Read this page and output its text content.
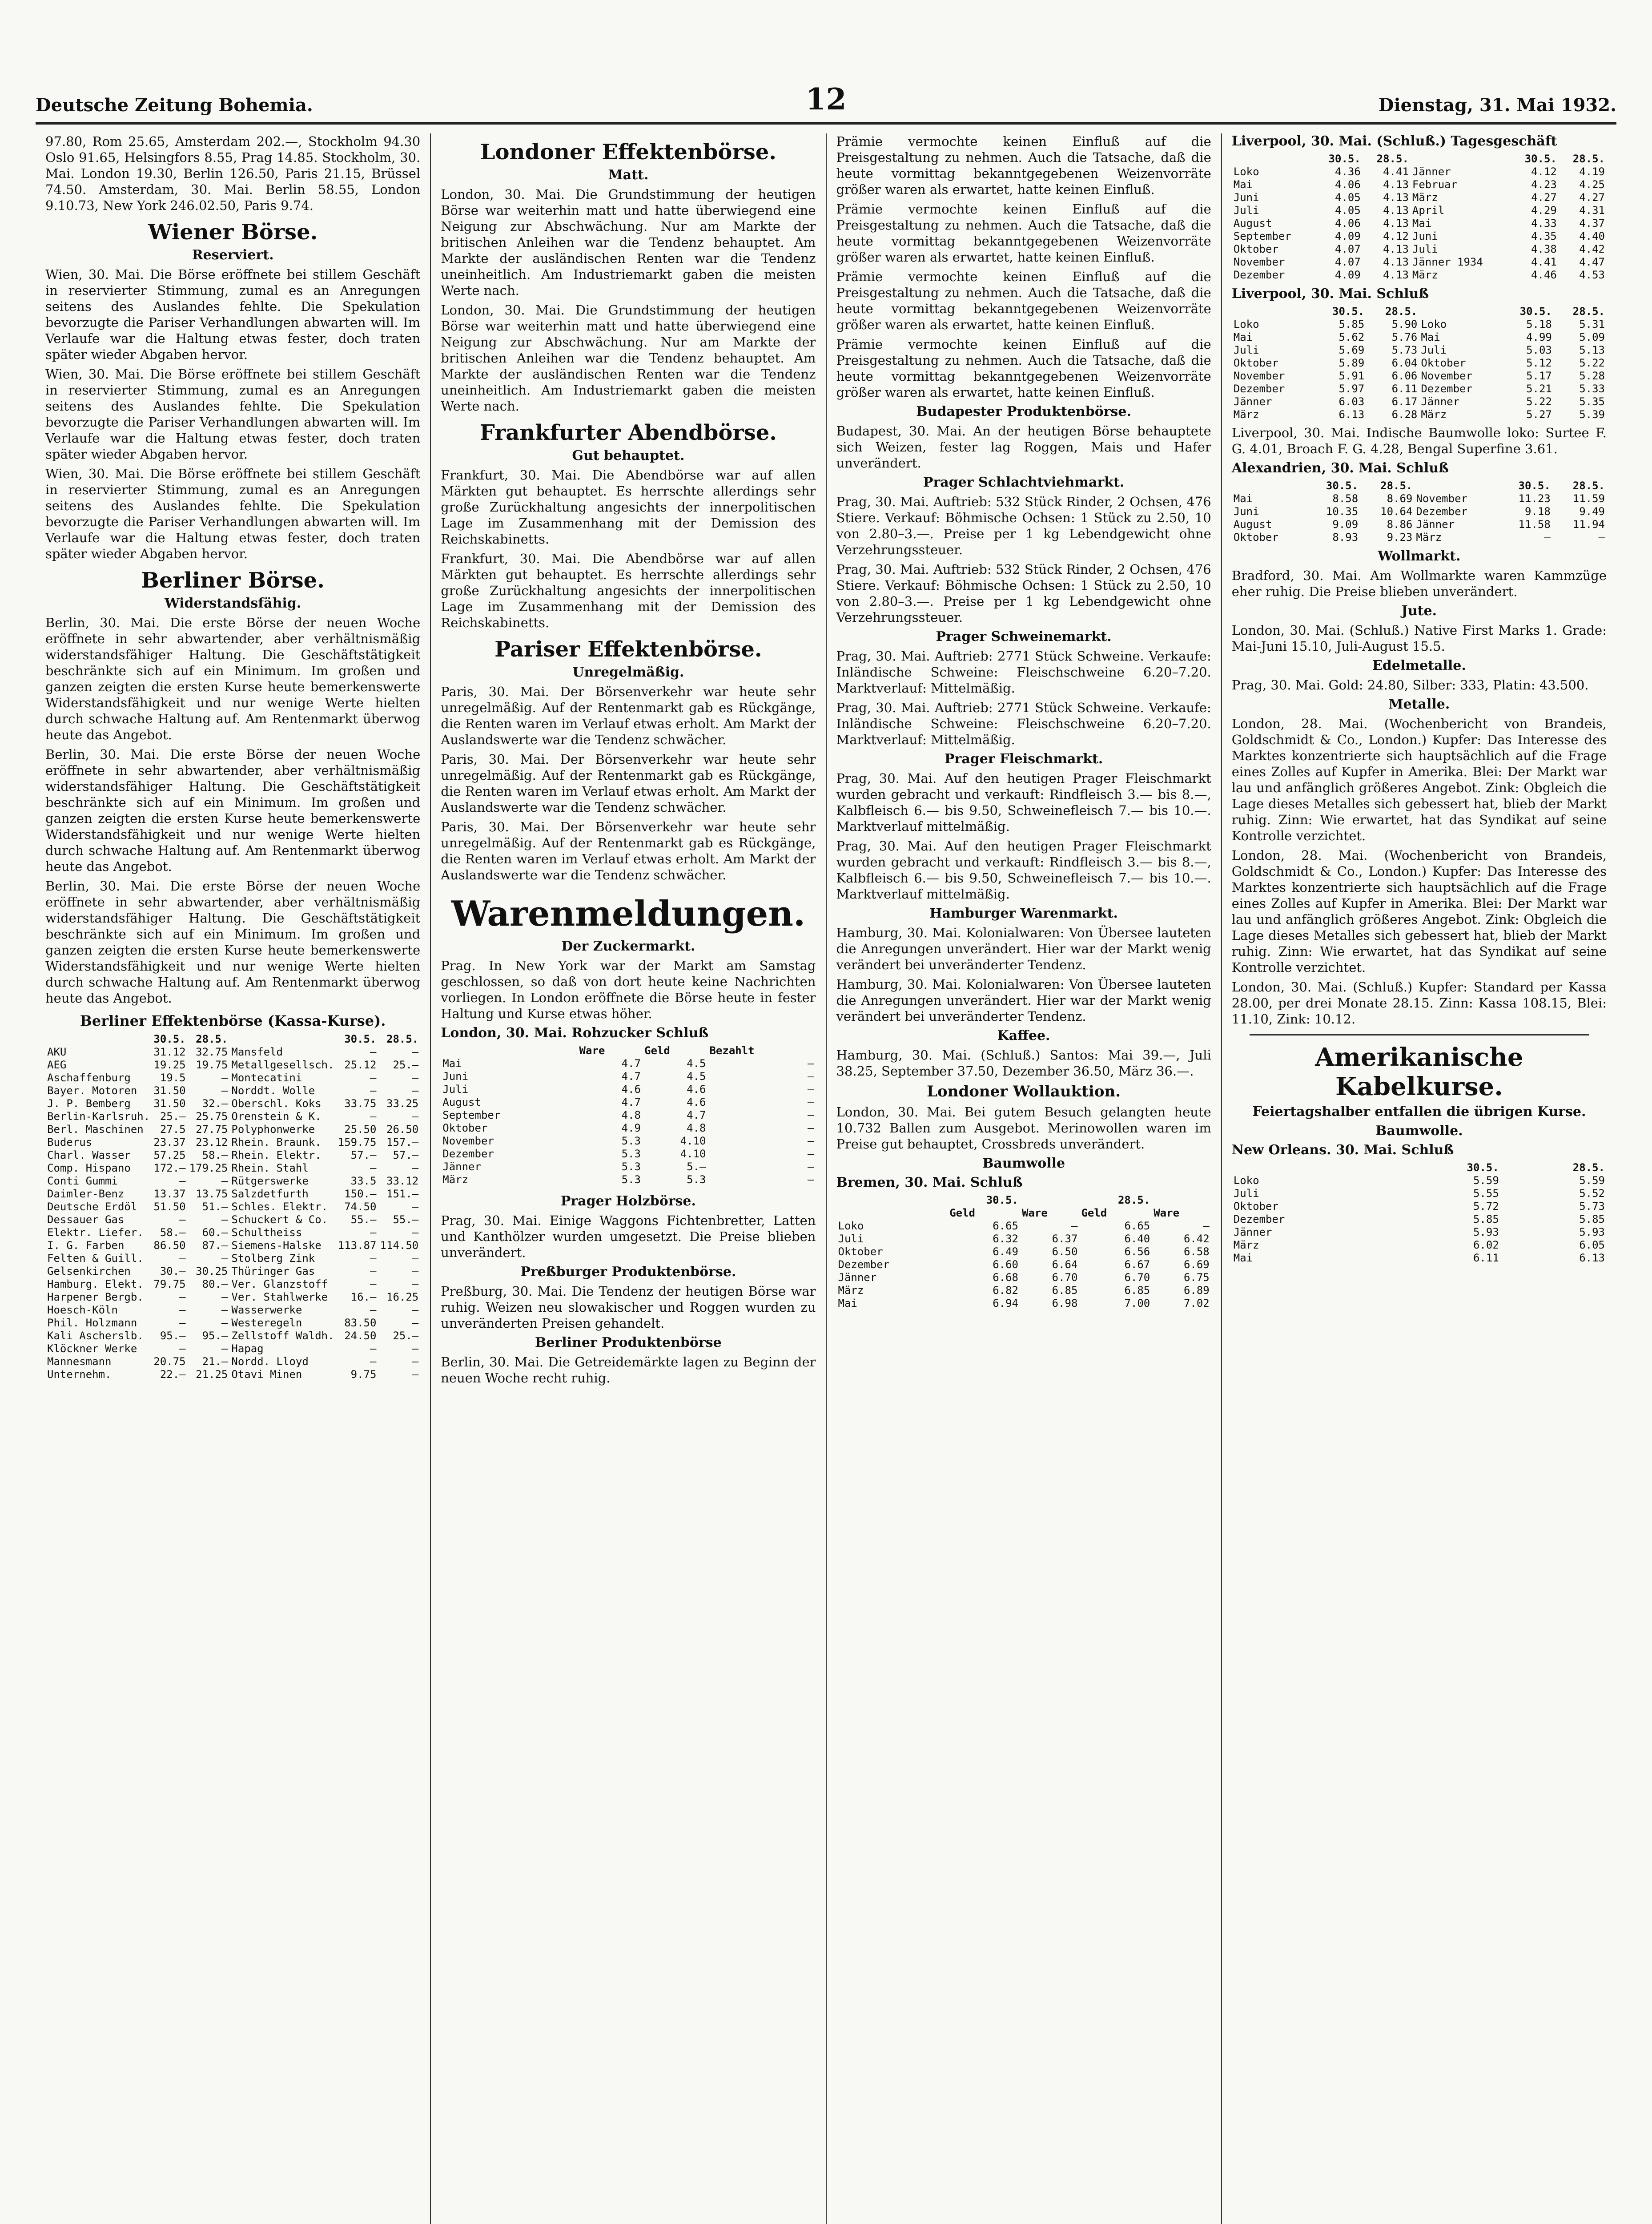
Deutsche Zeitung Bohemia.	12	Dienstag, 31. Mai 1932.

97.80, Rom 25.65, Amsterdam 202.—, Stockholm 94.30 Oslo 91.65, Helsingfors 8.55, Prag 14.85. Stockholm, 30. Mai. London 19.30, Berlin 126.50, Paris 21.15, Brüssel 74.50. Amsterdam, 30. Mai. Berlin 58.55, London 9.10.73, New York 246.02.50, Paris 9.74.

Wiener Börse.
Reserviert.

Wien, 30. Mai. Die Börse eröffnete bei stillem Geschäft in reservierter Stimmung, zumal es an Anregungen seitens des Auslandes fehlte. Die Spekulation bevorzugte die Pariser Verhandlungen abwarten will. Im Verlaufe war die Haltung etwas fester, doch traten später wieder Abgaben hervor.

Wien, 30. Mai. Die Börse eröffnete bei stillem Geschäft in reservierter Stimmung, zumal es an Anregungen seitens des Auslandes fehlte. Die Spekulation bevorzugte die Pariser Verhandlungen abwarten will. Im Verlaufe war die Haltung etwas fester, doch traten später wieder Abgaben hervor.

Wien, 30. Mai. Die Börse eröffnete bei stillem Geschäft in reservierter Stimmung, zumal es an Anregungen seitens des Auslandes fehlte. Die Spekulation bevorzugte die Pariser Verhandlungen abwarten will. Im Verlaufe war die Haltung etwas fester, doch traten später wieder Abgaben hervor.

Berliner Börse.
Widerstandsfähig.

Berlin, 30. Mai. Die erste Börse der neuen Woche eröffnete in sehr abwartender, aber verhältnismäßig widerstandsfähiger Haltung. Die Geschäftstätigkeit beschränkte sich auf ein Minimum. Im großen und ganzen zeigten die ersten Kurse heute bemerkenswerte Widerstandsfähigkeit und nur wenige Werte hielten durch schwache Haltung auf. Am Rentenmarkt überwog heute das Angebot.

Berlin, 30. Mai. Die erste Börse der neuen Woche eröffnete in sehr abwartender, aber verhältnismäßig widerstandsfähiger Haltung. Die Geschäftstätigkeit beschränkte sich auf ein Minimum. Im großen und ganzen zeigten die ersten Kurse heute bemerkenswerte Widerstandsfähigkeit und nur wenige Werte hielten durch schwache Haltung auf. Am Rentenmarkt überwog heute das Angebot.

Berlin, 30. Mai. Die erste Börse der neuen Woche eröffnete in sehr abwartender, aber verhältnismäßig widerstandsfähiger Haltung. Die Geschäftstätigkeit beschränkte sich auf ein Minimum. Im großen und ganzen zeigten die ersten Kurse heute bemerkenswerte Widerstandsfähigkeit und nur wenige Werte hielten durch schwache Haltung auf. Am Rentenmarkt überwog heute das Angebot.

Berliner Effektenbörse (Kassa-Kurse).
	30.5.	28.5.		30.5.	28.5.
AKU	31.12	32.75	Mansfeld	—	—
AEG	19.25	19.75	Metallgesellsch.	25.12	25.—
Aschaffenburg	19.5	—	Montecatini	—	—
Bayer. Motoren	31.50	—	Norddt. Wolle	—	—
J. P. Bemberg	31.50	32.—	Oberschl. Koks	33.75	33.25
Berlin-Karlsruh.	25.—	25.75	Orenstein & K.	—	—
Berl. Maschinen	27.5	27.75	Polyphonwerke	25.50	26.50
Buderus	23.37	23.12	Rhein. Braunk.	159.75	157.—
Charl. Wasser	57.25	58.—	Rhein. Elektr.	57.—	57.—
Comp. Hispano	172.—	179.25	Rhein. Stahl	—	—
Conti Gummi	—	—	Rütgerswerke	33.5	33.12
Daimler-Benz	13.37	13.75	Salzdetfurth	150.—	151.—
Deutsche Erdöl	51.50	51.—	Schles. Elektr.	74.50	—
Dessauer Gas	—	—	Schuckert & Co.	55.—	55.—
Elektr. Liefer.	58.—	60.—	Schultheiss	—	—
I. G. Farben	86.50	87.—	Siemens-Halske	113.87	114.50
Felten & Guill.	—	—	Stolberg Zink	—	—
Gelsenkirchen	30.—	30.25	Thüringer Gas	—	—
Hamburg. Elekt.	79.75	80.—	Ver. Glanzstoff	—	—
Harpener Bergb.	—	—	Ver. Stahlwerke	16.—	16.25
Hoesch-Köln	—	—	Wasserwerke	—	—
Phil. Holzmann	—	—	Westeregeln	83.50	—
Kali Ascherslb.	95.—	95.—	Zellstoff Waldh.	24.50	25.—
Klöckner Werke	—	—	Hapag	—	—
Mannesmann	20.75	21.—	Nordd. Lloyd	—	—
Unternehm.	22.—	21.25	Otavi Minen	9.75	—
Londoner Effektenbörse.
Matt.

London, 30. Mai. Die Grundstimmung der heutigen Börse war weiterhin matt und hatte überwiegend eine Neigung zur Abschwächung. Nur am Markte der britischen Anleihen war die Tendenz behauptet. Am Markte der ausländischen Renten war die Tendenz uneinheitlich. Am Industriemarkt gaben die meisten Werte nach.

London, 30. Mai. Die Grundstimmung der heutigen Börse war weiterhin matt und hatte überwiegend eine Neigung zur Abschwächung. Nur am Markte der britischen Anleihen war die Tendenz behauptet. Am Markte der ausländischen Renten war die Tendenz uneinheitlich. Am Industriemarkt gaben die meisten Werte nach.

Frankfurter Abendbörse.
Gut behauptet.

Frankfurt, 30. Mai. Die Abendbörse war auf allen Märkten gut behauptet. Es herrschte allerdings sehr große Zurückhaltung angesichts der innerpolitischen Lage im Zusammenhang mit der Demission des Reichskabinetts.

Frankfurt, 30. Mai. Die Abendbörse war auf allen Märkten gut behauptet. Es herrschte allerdings sehr große Zurückhaltung angesichts der innerpolitischen Lage im Zusammenhang mit der Demission des Reichskabinetts.

Pariser Effektenbörse.
Unregelmäßig.

Paris, 30. Mai. Der Börsenverkehr war heute sehr unregelmäßig. Auf der Rentenmarkt gab es Rückgänge, die Renten waren im Verlauf etwas erholt. Am Markt der Auslandswerte war die Tendenz schwächer.

Paris, 30. Mai. Der Börsenverkehr war heute sehr unregelmäßig. Auf der Rentenmarkt gab es Rückgänge, die Renten waren im Verlauf etwas erholt. Am Markt der Auslandswerte war die Tendenz schwächer.

Paris, 30. Mai. Der Börsenverkehr war heute sehr unregelmäßig. Auf der Rentenmarkt gab es Rückgänge, die Renten waren im Verlauf etwas erholt. Am Markt der Auslandswerte war die Tendenz schwächer.

Warenmeldungen.
Der Zuckermarkt.

Prag. In New York war der Markt am Samstag geschlossen, so daß von dort heute keine Nachrichten vorliegen. In London eröffnete die Börse heute in fester Haltung und Kurse etwas höher.

London, 30. Mai. Rohzucker Schluß
	Ware	Geld	Bezahlt
Mai	4.7	4.5	—
Juni	4.7	4.5	—
Juli	4.6	4.6	—
August	4.7	4.6	—
September	4.8	4.7	—
Oktober	4.9	4.8	—
November	5.3	4.10	—
Dezember	5.3	4.10	—
Jänner	5.3	5.—	—
März	5.3	5.3	—
Prager Holzbörse.

Prag, 30. Mai. Einige Waggons Fichtenbretter, Latten und Kanthölzer wurden umgesetzt. Die Preise blieben unverändert.

Preßburger Produktenbörse.

Preßburg, 30. Mai. Die Tendenz der heutigen Börse war ruhig. Weizen neu slowakischer und Roggen wurden zu unveränderten Preisen gehandelt.

Berliner Produktenbörse

Berlin, 30. Mai. Die Getreidemärkte lagen zu Beginn der neuen Woche recht ruhig.

Prämie vermochte keinen Einfluß auf die Preisgestaltung zu nehmen. Auch die Tatsache, daß die heute vormittag bekanntgegebenen Weizenvorräte größer waren als erwartet, hatte keinen Einfluß.

Prämie vermochte keinen Einfluß auf die Preisgestaltung zu nehmen. Auch die Tatsache, daß die heute vormittag bekanntgegebenen Weizenvorräte größer waren als erwartet, hatte keinen Einfluß.

Prämie vermochte keinen Einfluß auf die Preisgestaltung zu nehmen. Auch die Tatsache, daß die heute vormittag bekanntgegebenen Weizenvorräte größer waren als erwartet, hatte keinen Einfluß.

Prämie vermochte keinen Einfluß auf die Preisgestaltung zu nehmen. Auch die Tatsache, daß die heute vormittag bekanntgegebenen Weizenvorräte größer waren als erwartet, hatte keinen Einfluß.

Budapester Produktenbörse.

Budapest, 30. Mai. An der heutigen Börse behauptete sich Weizen, fester lag Roggen, Mais und Hafer unverändert.

Prager Schlachtviehmarkt.

Prag, 30. Mai. Auftrieb: 532 Stück Rinder, 2 Ochsen, 476 Stiere. Verkauf: Böhmische Ochsen: 1 Stück zu 2.50, 10 von 2.80–3.—. Preise per 1 kg Lebendgewicht ohne Verzehrungssteuer.

Prag, 30. Mai. Auftrieb: 532 Stück Rinder, 2 Ochsen, 476 Stiere. Verkauf: Böhmische Ochsen: 1 Stück zu 2.50, 10 von 2.80–3.—. Preise per 1 kg Lebendgewicht ohne Verzehrungssteuer.

Prager Schweinemarkt.

Prag, 30. Mai. Auftrieb: 2771 Stück Schweine. Verkaufe: Inländische Schweine: Fleischschweine 6.20–7.20. Marktverlauf: Mittelmäßig.

Prag, 30. Mai. Auftrieb: 2771 Stück Schweine. Verkaufe: Inländische Schweine: Fleischschweine 6.20–7.20. Marktverlauf: Mittelmäßig.

Prager Fleischmarkt.

Prag, 30. Mai. Auf den heutigen Prager Fleischmarkt wurden gebracht und verkauft: Rindfleisch 3.— bis 8.—, Kalbfleisch 6.— bis 9.50, Schweinefleisch 7.— bis 10.—. Marktverlauf mittelmäßig.

Prag, 30. Mai. Auf den heutigen Prager Fleischmarkt wurden gebracht und verkauft: Rindfleisch 3.— bis 8.—, Kalbfleisch 6.— bis 9.50, Schweinefleisch 7.— bis 10.—. Marktverlauf mittelmäßig.

Hamburger Warenmarkt.

Hamburg, 30. Mai. Kolonialwaren: Von Übersee lauteten die Anregungen unverändert. Hier war der Markt wenig verändert bei unveränderter Tendenz.

Hamburg, 30. Mai. Kolonialwaren: Von Übersee lauteten die Anregungen unverändert. Hier war der Markt wenig verändert bei unveränderter Tendenz.

Kaffee.

Hamburg, 30. Mai. (Schluß.) Santos: Mai 39.—, Juli 38.25, September 37.50, Dezember 36.50, März 36.—.

Londoner Wollauktion.

London, 30. Mai. Bei gutem Besuch gelangten heute 10.732 Ballen zum Ausgebot. Merinowollen waren im Preise gut behauptet, Crossbreds unverändert.

Baumwolle
Bremen, 30. Mai. Schluß
	30.5.		28.5.	
	Geld	Ware	Geld	Ware
Loko	6.65	—	6.65	—
Juli	6.32	6.37	6.40	6.42
Oktober	6.49	6.50	6.56	6.58
Dezember	6.60	6.64	6.67	6.69
Jänner	6.68	6.70	6.70	6.75
März	6.82	6.85	6.85	6.89
Mai	6.94	6.98	7.00	7.02
Liverpool, 30. Mai. (Schluß.) Tagesgeschäft
	30.5.	28.5.		30.5.	28.5.
Loko	4.36	4.41	Jänner	4.12	4.19
Mai	4.06	4.13	Februar	4.23	4.25
Juni	4.05	4.13	März	4.27	4.27
Juli	4.05	4.13	April	4.29	4.31
August	4.06	4.13	Mai	4.33	4.37
September	4.09	4.12	Juni	4.35	4.40
Oktober	4.07	4.13	Juli	4.38	4.42
November	4.07	4.13	Jänner 1934	4.41	4.47
Dezember	4.09	4.13	März	4.46	4.53
Liverpool, 30. Mai. Schluß
	30.5.	28.5.		30.5.	28.5.
Loko	5.85	5.90	Loko	5.18	5.31
Mai	5.62	5.76	Mai	4.99	5.09
Juli	5.69	5.73	Juli	5.03	5.13
Oktober	5.89	6.04	Oktober	5.12	5.22
November	5.91	6.06	November	5.17	5.28
Dezember	5.97	6.11	Dezember	5.21	5.33
Jänner	6.03	6.17	Jänner	5.22	5.35
März	6.13	6.28	März	5.27	5.39

Liverpool, 30. Mai. Indische Baumwolle loko: Surtee F. G. 4.01, Broach F. G. 4.28, Bengal Superfine 3.61.

Alexandrien, 30. Mai. Schluß
	30.5.	28.5.		30.5.	28.5.
Mai	8.58	8.69	November	11.23	11.59
Juni	10.35	10.64	Dezember	9.18	9.49
August	9.09	8.86	Jänner	11.58	11.94
Oktober	8.93	9.23	März	—	—
Wollmarkt.

Bradford, 30. Mai. Am Wollmarkte waren Kammzüge eher ruhig. Die Preise blieben unverändert.

Jute.

London, 30. Mai. (Schluß.) Native First Marks 1. Grade: Mai-Juni 15.10, Juli-August 15.5.

Edelmetalle.

Prag, 30. Mai. Gold: 24.80, Silber: 333, Platin: 43.500.

Metalle.

London, 28. Mai. (Wochenbericht von Brandeis, Goldschmidt & Co., London.) Kupfer: Das Interesse des Marktes konzentrierte sich hauptsächlich auf die Frage eines Zolles auf Kupfer in Amerika. Blei: Der Markt war lau und anfänglich größeres Angebot. Zink: Obgleich die Lage dieses Metalles sich gebessert hat, blieb der Markt ruhig. Zinn: Wie erwartet, hat das Syndikat auf seine Kontrolle verzichtet.

London, 28. Mai. (Wochenbericht von Brandeis, Goldschmidt & Co., London.) Kupfer: Das Interesse des Marktes konzentrierte sich hauptsächlich auf die Frage eines Zolles auf Kupfer in Amerika. Blei: Der Markt war lau und anfänglich größeres Angebot. Zink: Obgleich die Lage dieses Metalles sich gebessert hat, blieb der Markt ruhig. Zinn: Wie erwartet, hat das Syndikat auf seine Kontrolle verzichtet.

London, 30. Mai. (Schluß.) Kupfer: Standard per Kassa 28.00, per drei Monate 28.15. Zinn: Kassa 108.15, Blei: 11.10, Zink: 10.12.

Amerikanische Kabelkurse.
Feiertagshalber entfallen die übrigen Kurse.
Baumwolle.
New Orleans. 30. Mai. Schluß
	30.5.	28.5.
Loko	5.59	5.59
Juli	5.55	5.52
Oktober	5.72	5.73
Dezember	5.85	5.85
Jänner	5.93	5.93
März	6.02	6.05
Mai	6.11	6.13
